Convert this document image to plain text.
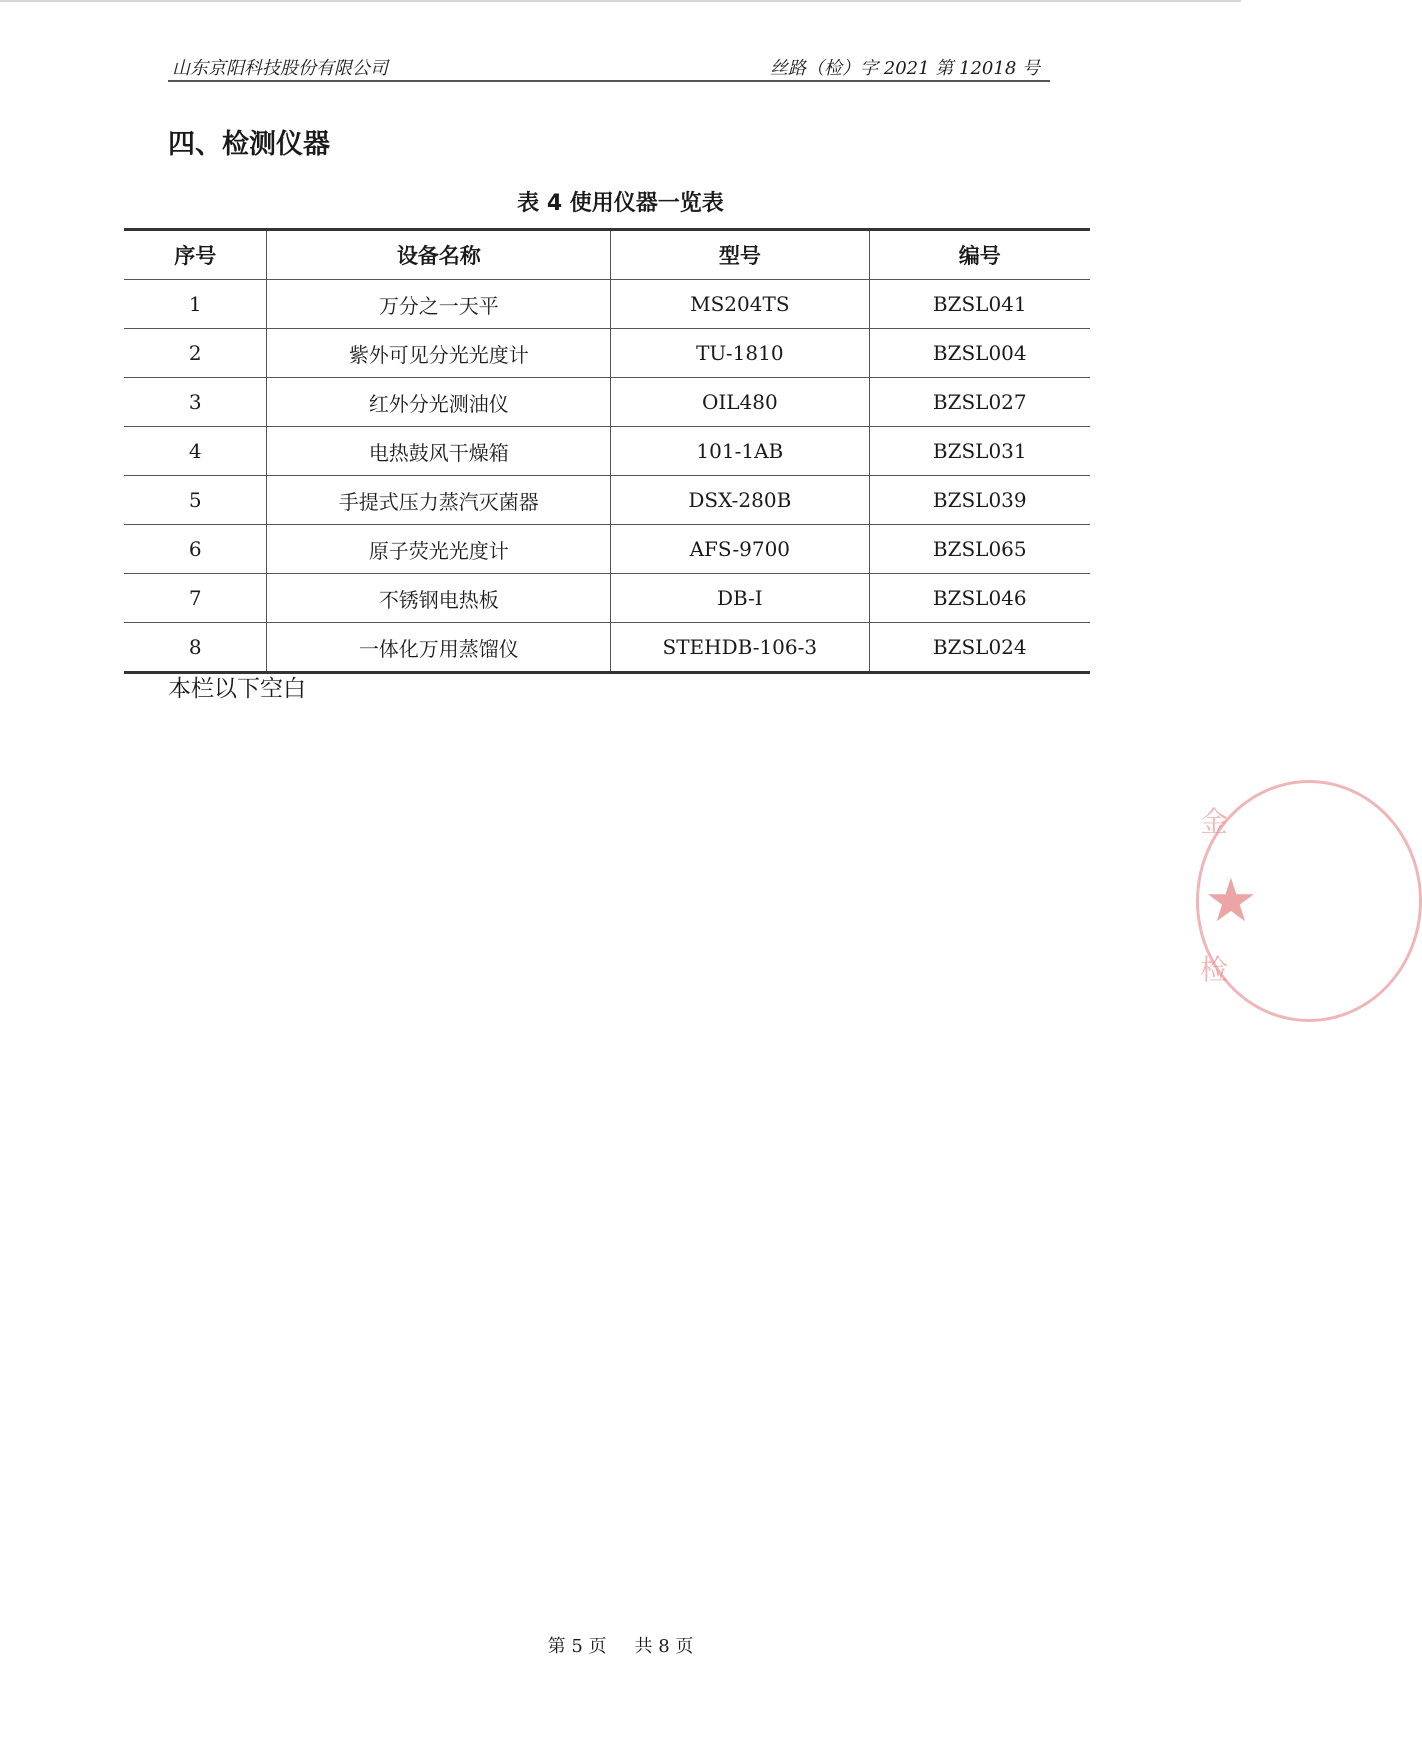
山东京阳科技股份有限公司	丝路（检）字 2021 第 12018 号
四、检测仪器
表 4 使用仪器一览表
序号	设备名称	型号	编号
1	万分之一天平	MS204TS	BZSL041
2	紫外可见分光光度计	TU-1810	BZSL004
3	红外分光测油仪	OIL480	BZSL027
4	电热鼓风干燥箱	101-1AB	BZSL031
5	手提式压力蒸汽灭菌器	DSX-280B	BZSL039
6	原子荧光光度计	AFS-9700	BZSL065
7	不锈钢电热板	DB-I	BZSL046
8	一体化万用蒸馏仪	STEHDB-106-3	BZSL024
本栏以下空白
金
★
检
第 5 页 共 8 页
